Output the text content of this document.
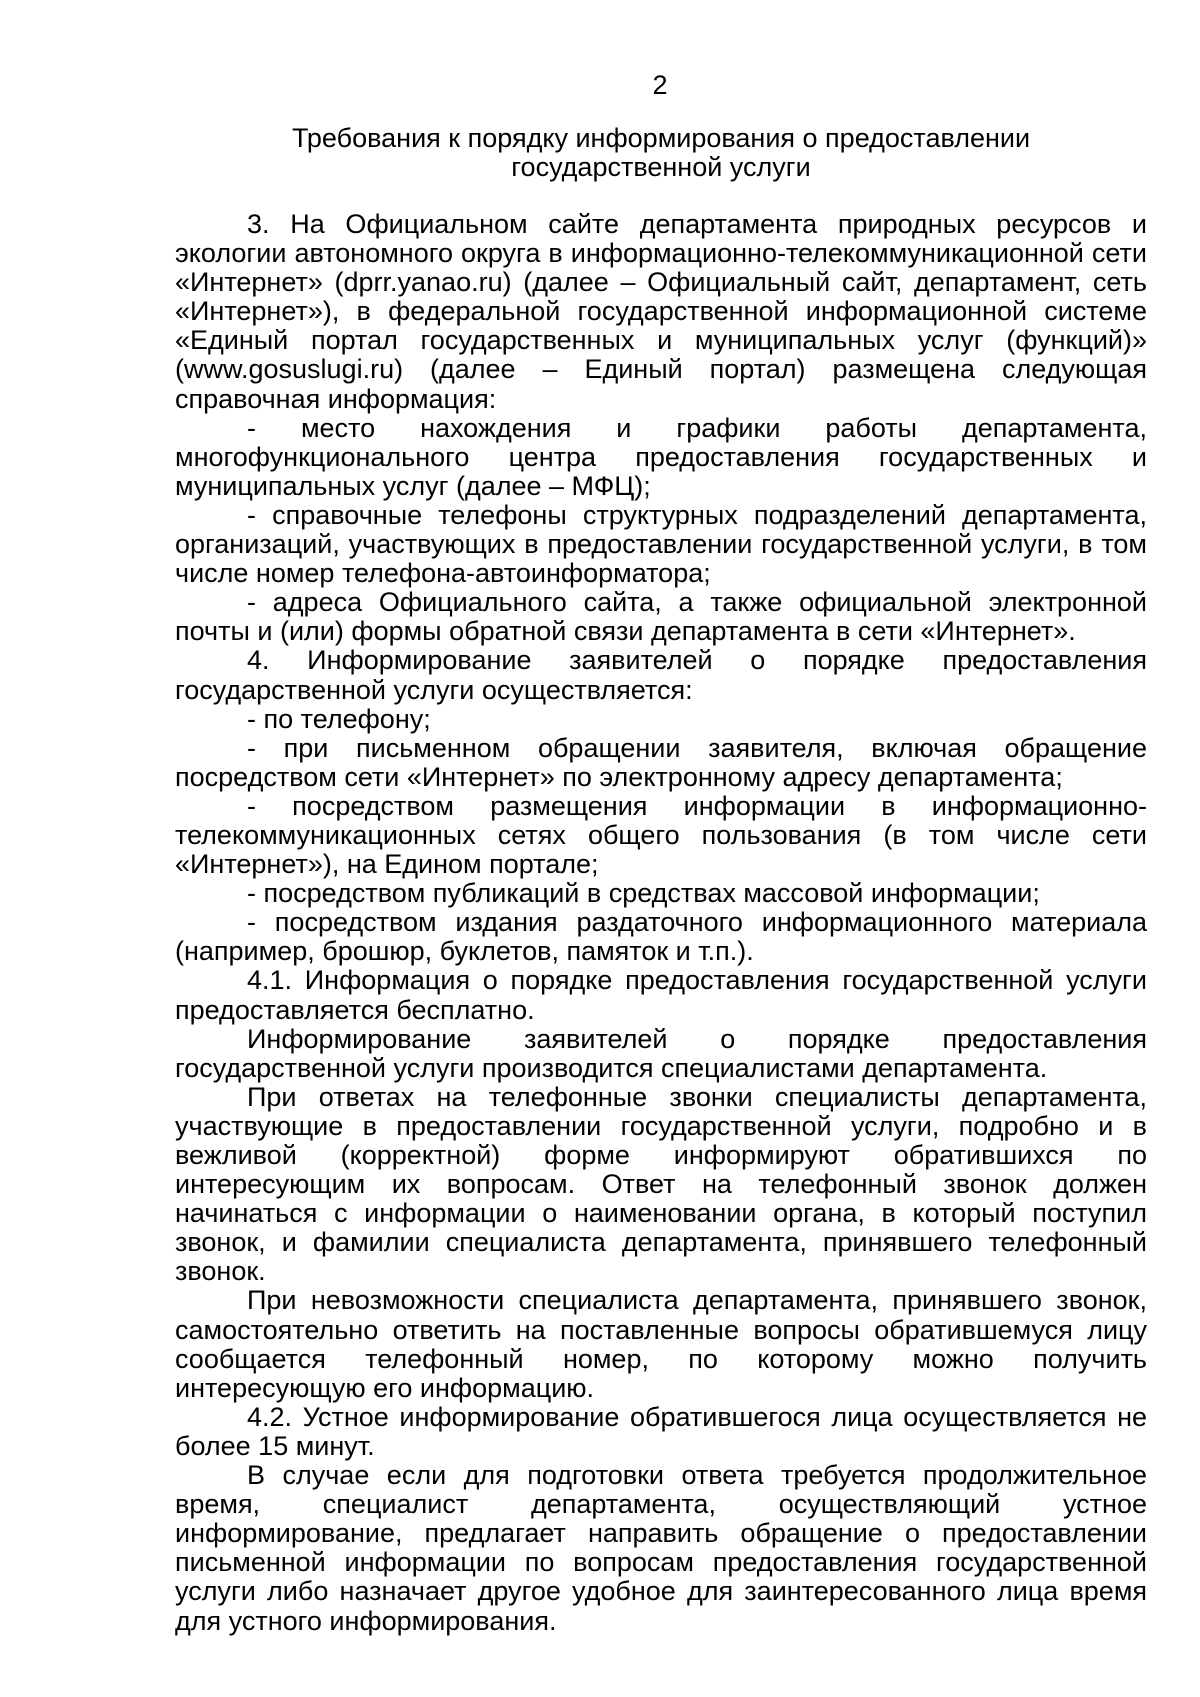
2
Требования к порядку информирования о предоставлении
государственной услуги

3. На Официальном сайте департамента природных ресурсов и экологии автономного округа в информационно-телекоммуникационной сети «Интернет» (dprr.yanao.ru) (далее – Официальный сайт, департамент, сеть «Интернет»), в федеральной государственной информационной системе «Единый портал государственных и муниципальных услуг (функций)» (www.gosuslugi.ru) (далее – Единый портал) размещена следующая справочная информация:

- место нахождения и графики работы департамента, многофункционального центра предоставления государственных и муниципальных услуг (далее – МФЦ);

- справочные телефоны структурных подразделений департамента, организаций, участвующих в предоставлении государственной услуги, в том числе номер телефона-автоинформатора;

- адреса Официального сайта, а также официальной электронной почты и (или) формы обратной связи департамента в сети «Интернет».

4. Информирование заявителей о порядке предоставления государственной услуги осуществляется:

- по телефону;

- при письменном обращении заявителя, включая обращение посредством сети «Интернет» по электронному адресу департамента;

- посредством размещения информации в информационно-телекоммуникационных сетях общего пользования (в том числе сети «Интернет»), на Едином портале;

- посредством публикаций в средствах массовой информации;

- посредством издания раздаточного информационного материала (например, брошюр, буклетов, памяток и т.п.).

4.1. Информация о порядке предоставления государственной услуги предоставляется бесплатно.

Информирование заявителей о порядке предоставления государственной услуги производится специалистами департамента.

При ответах на телефонные звонки специалисты департамента, участвующие в предоставлении государственной услуги, подробно и в вежливой (корректной) форме информируют обратившихся по интересующим их вопросам. Ответ на телефонный звонок должен начинаться с информации о наименовании органа, в который поступил звонок, и фамилии специалиста департамента, принявшего телефонный звонок.

При невозможности специалиста департамента, принявшего звонок, самостоятельно ответить на поставленные вопросы обратившемуся лицу сообщается телефонный номер, по которому можно получить интересующую его информацию.

4.2. Устное информирование обратившегося лица осуществляется не более 15 минут.

В случае если для подготовки ответа требуется продолжительное время, специалист департамента, осуществляющий устное информирование, предлагает направить обращение о предоставлении письменной информации по вопросам предоставления государственной услуги либо назначает другое удобное для заинтересованного лица время для устного информирования.
